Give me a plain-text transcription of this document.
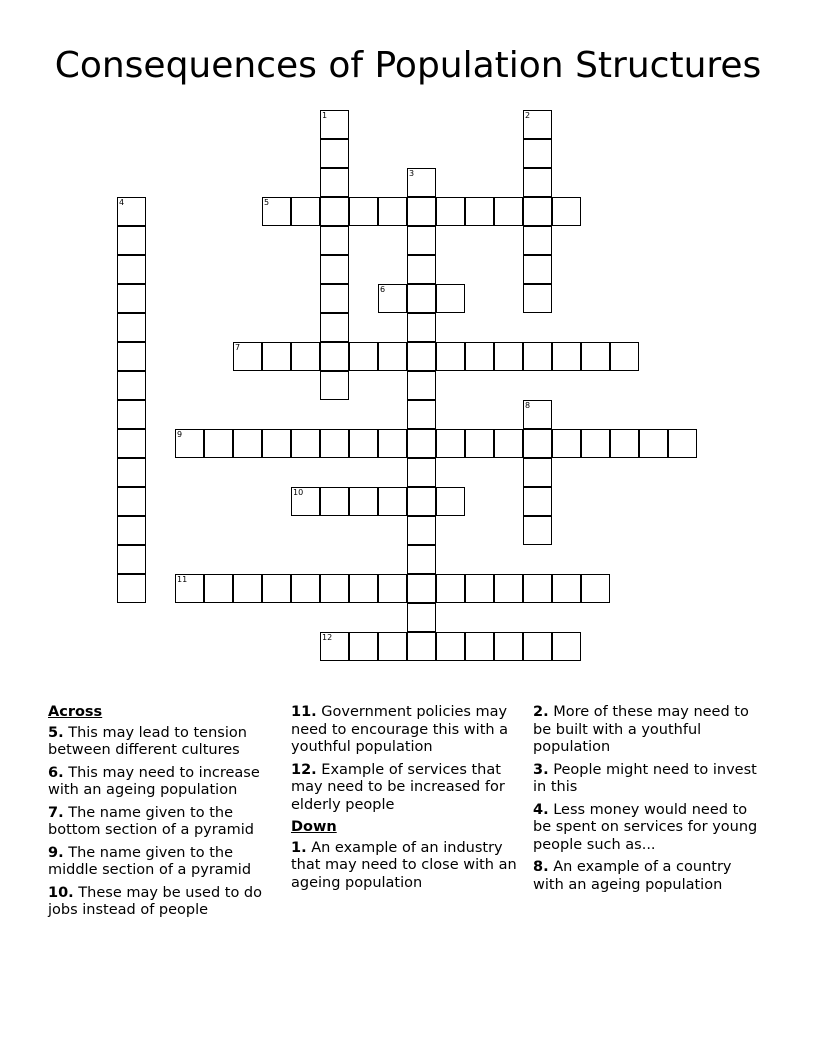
Consequences of Population Structures
5
6
7
9
10
11
12
1	2
3
4
8
Across
5. This may lead to tension between different cultures
6. This may need to increase with an ageing population
7. The name given to the bottom section of a pyramid
9. The name given to the middle section of a pyramid
10. These may be used to do jobs instead of people
11. Government policies may need to encourage this with a youthful population
12. Example of services that may need to be increased for elderly people
Down
1. An example of an industry that may need to close with an ageing population
2. More of these may need to be built with a youthful population
3. People might need to invest in this
4. Less money would need to be spent on services for young people such as...
8. An example of a country with an ageing population
